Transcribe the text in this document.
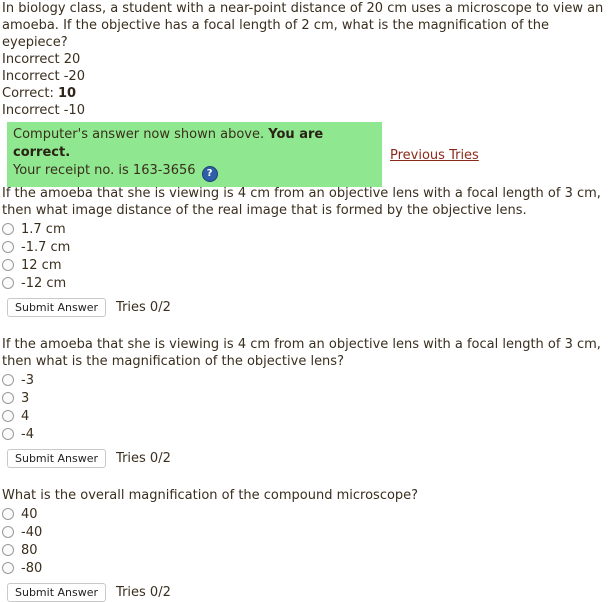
In biology class, a student with a near-point distance of 20 cm uses a microscope to view an amoeba. If the objective has a focal length of 2 cm, what is the magnification of the eyepiece?

Incorrect 20
Incorrect -20
Correct: 10
Incorrect -10
Computer's answer now shown above. You are correct.
Your receipt no. is 163-3656 ?
Previous Tries

If the amoeba that she is viewing is 4 cm from an objective lens with a focal length of 3 cm, then what image distance of the real image that is formed by the objective lens.

1.7 cm
-1.7 cm
12 cm
-12 cm
Submit Answer	Tries 0/2

If the amoeba that she is viewing is 4 cm from an objective lens with a focal length of 3 cm, then what is the magnification of the objective lens?

-3
3
4
-4
Submit Answer	Tries 0/2

What is the overall magnification of the compound microscope?

40
-40
80
-80
Submit Answer	Tries 0/2
